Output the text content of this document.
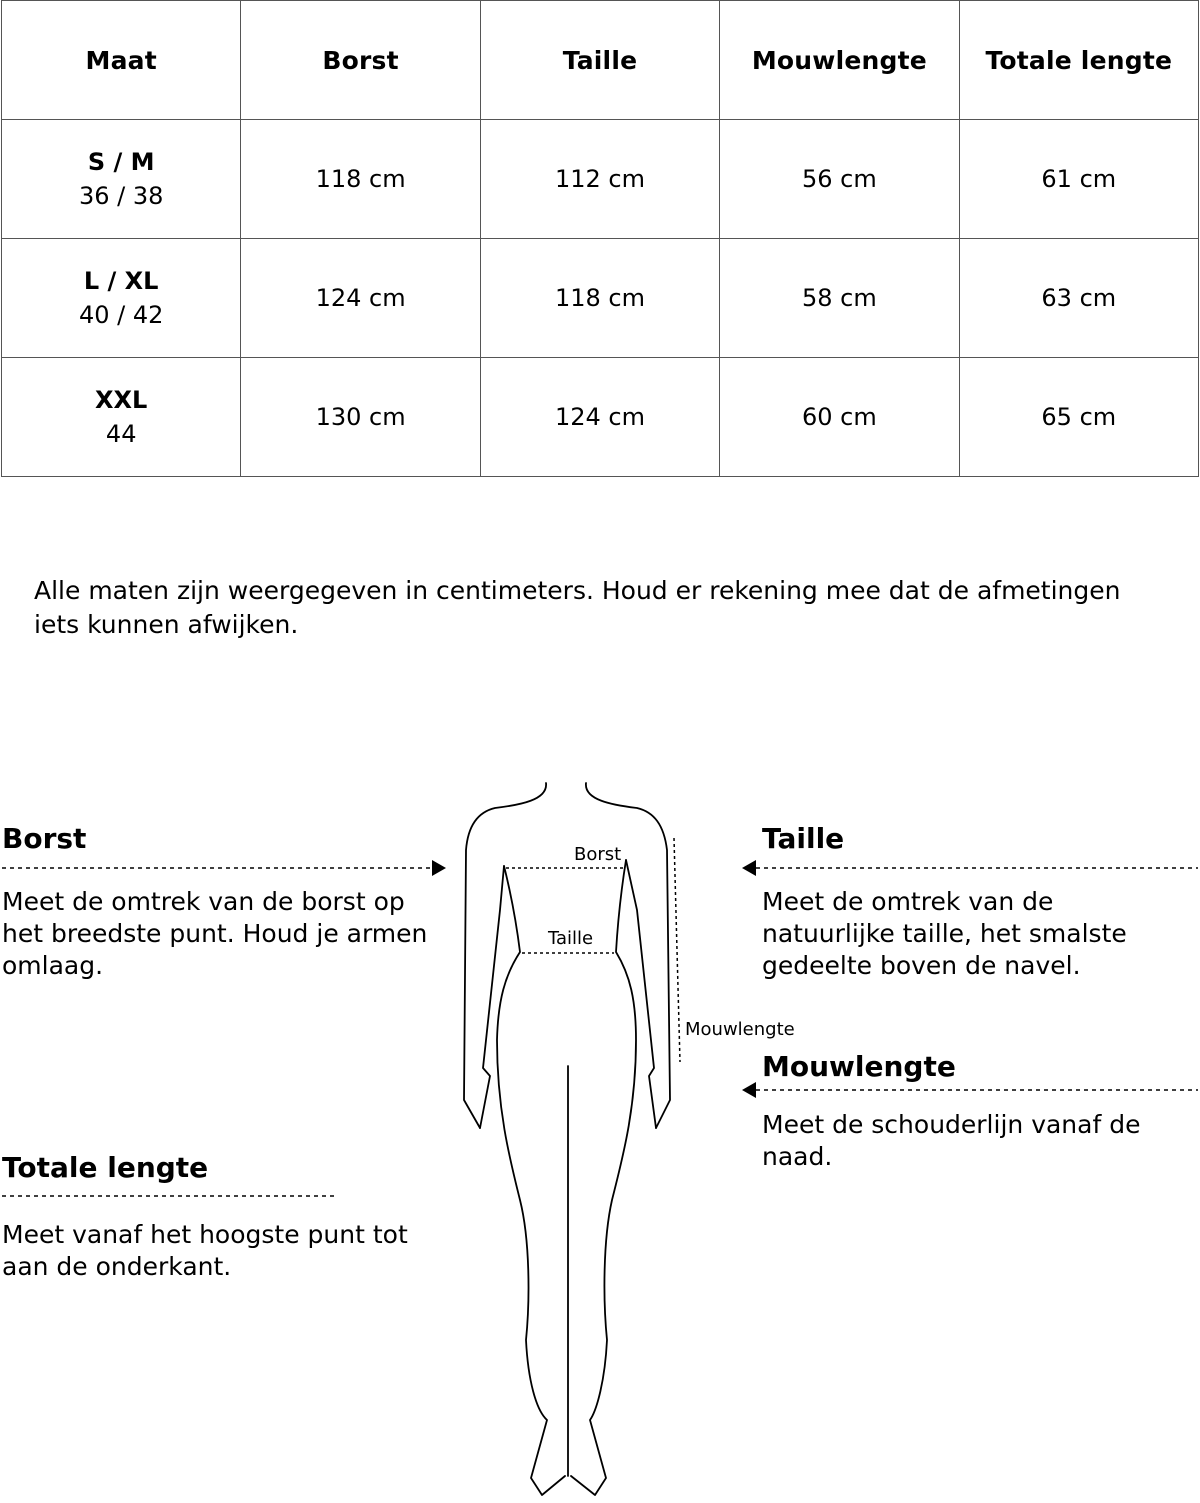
Maat	Borst	Taille	Mouwlengte	Totale lengte

S / M
36 / 38	118 cm	112 cm	56 cm	61 cm

L / XL
40 / 42	124 cm	118 cm	58 cm	63 cm

XXL
44	130 cm	124 cm	60 cm	65 cm
Alle maten zijn weergegeven in centimeters. Houd er rekening mee dat de afmetingen iets kunnen afwijken.
Borst
Taille
Mouwlengte
Borst
Meet de omtrek van de borst op het breedste punt. Houd je armen omlaag.
Taille
Meet de omtrek van de natuurlijke taille, het smalste gedeelte boven de navel.
Mouwlengte
Meet de schouderlijn vanaf de naad.
Totale lengte
Meet vanaf het hoogste punt tot aan de onderkant.
